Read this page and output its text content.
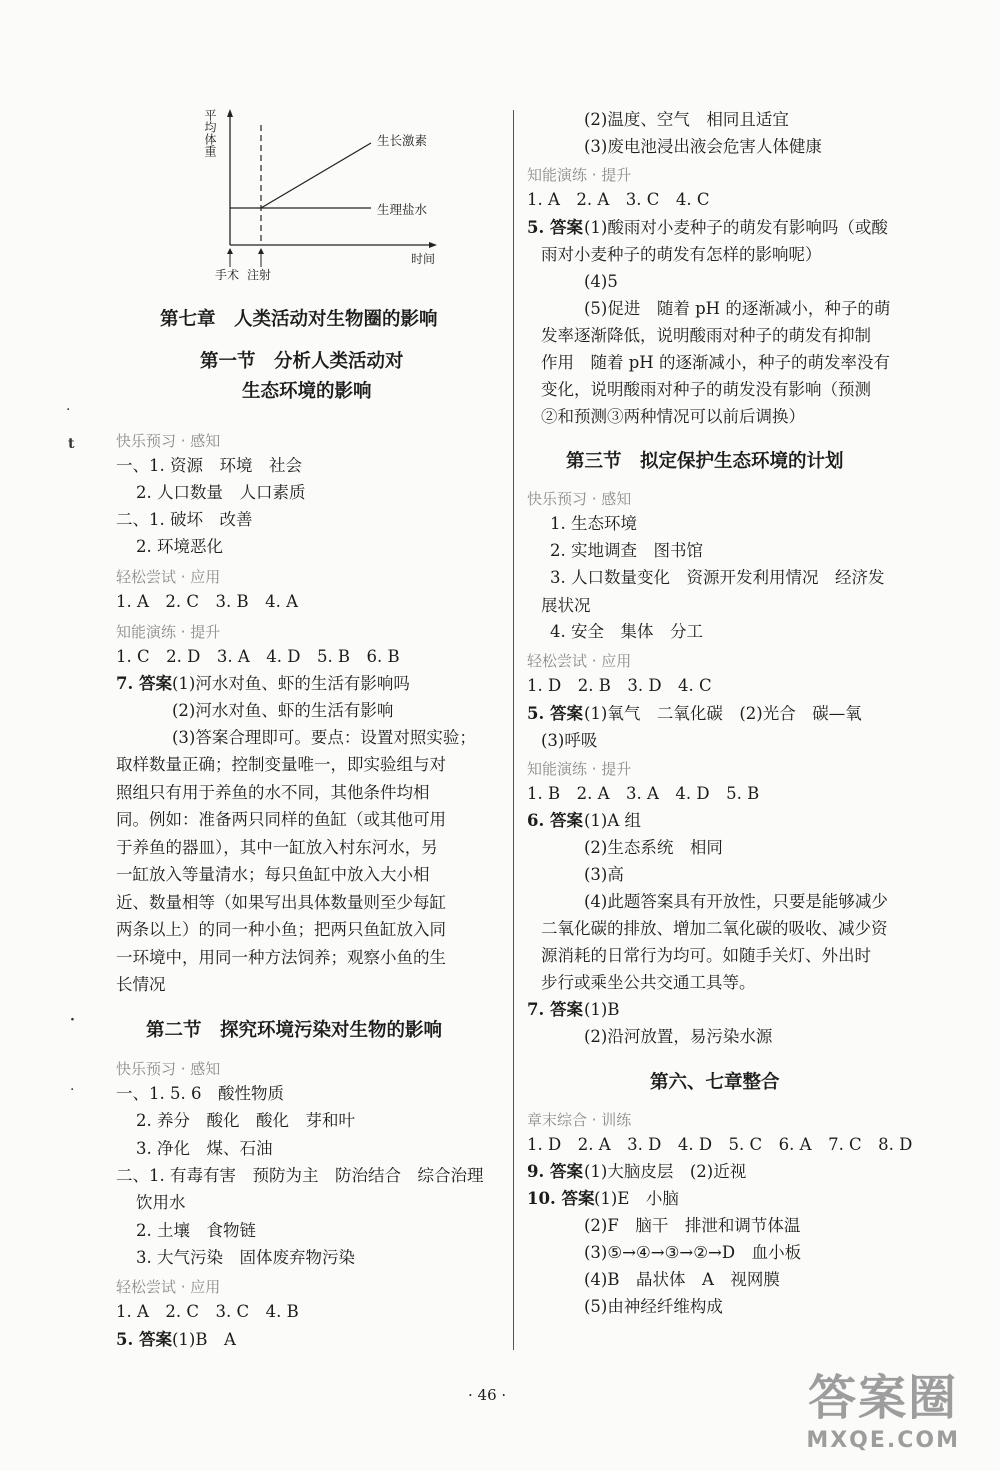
平均体重
时间
生长激素
生理盐水
手术 注射
·
t
·
·
第七章　人类活动对生物圈的影响
第一节　分析人类活动对
生态环境的影响
快乐预习 · 感知
一、1. 资源　环境　社会
2. 人口数量　人口素质
二、1. 破坏　改善
2. 环境恶化
轻松尝试 · 应用
1. A　2. C　3. B　4. A
知能演练 · 提升
1. C　2. D　3. A　4. D　5. B　6. B
7. 答案 (1)河水对鱼、虾的生活有影响吗
(2)河水对鱼、虾的生活有影响
(3)答案合理即可。要点：设置对照实验；
取样数量正确；控制变量唯一，即实验组与对
照组只有用于养鱼的水不同，其他条件均相
同。例如：准备两只同样的鱼缸（或其他可用
于养鱼的器皿），其中一缸放入村东河水，另
一缸放入等量清水；每只鱼缸中放入大小相
近、数量相等（如果写出具体数量则至少每缸
两条以上）的同一种小鱼；把两只鱼缸放入同
一环境中，用同一种方法饲养；观察小鱼的生
长情况
第二节　探究环境污染对生物的影响
快乐预习 · 感知
一、1. 5. 6　酸性物质
2. 养分　酸化　酸化　芽和叶
3. 净化　煤、石油
二、1. 有毒有害　预防为主　防治结合　综合治理
饮用水
2. 土壤　食物链
3. 大气污染　固体废弃物污染
轻松尝试 · 应用
1. A　2. C　3. C　4. B
5. 答案 (1)B　A
(2)温度、空气　相同且适宜
(3)废电池浸出液会危害人体健康
知能演练 · 提升
1. A　2. A　3. C　4. C
5. 答案 (1)酸雨对小麦种子的萌发有影响吗（或酸
雨对小麦种子的萌发有怎样的影响呢）
(4)5
(5)促进　随着 pH 的逐渐减小，种子的萌
发率逐渐降低，说明酸雨对种子的萌发有抑制
作用　随着 pH 的逐渐减小，种子的萌发率没有
变化，说明酸雨对种子的萌发没有影响（预测
②和预测③两种情况可以前后调换）
第三节　拟定保护生态环境的计划
快乐预习 · 感知
1. 生态环境
2. 实地调查　图书馆
3. 人口数量变化　资源开发利用情况　经济发
展状况
4. 安全　集体　分工
轻松尝试 · 应用
1. D　2. B　3. D　4. C
5. 答案 (1)氧气　二氧化碳　(2)光合　碳—氧
(3)呼吸
知能演练 · 提升
1. B　2. A　3. A　4. D　5. B
6. 答案 (1)A 组
(2)生态系统　相同
(3)高
(4)此题答案具有开放性，只要是能够减少
二氧化碳的排放、增加二氧化碳的吸收、减少资
源消耗的日常行为均可。如随手关灯、外出时
步行或乘坐公共交通工具等。
7. 答案 (1)B
(2)沿河放置，易污染水源
第六、七章整合
章末综合 · 训练
1. D　2. A　3. D　4. D　5. C　6. A　7. C　8. D
9. 答案 (1)大脑皮层　(2)近视
10. 答案 (1)E　小脑
(2)F　脑干　排泄和调节体温
(3)⑤→④→③→②→D　血小板
(4)B　晶状体　A　视网膜
(5)由神经纤维构成
· 46 ·	答案圈
MXQE.COM
